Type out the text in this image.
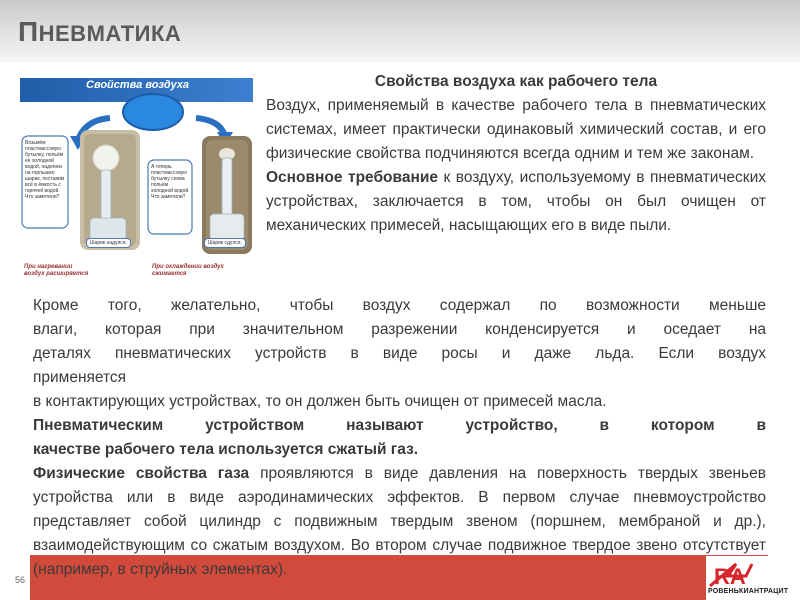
ПНЕВМАТИКА
Свойства воздуха
Возьмём пластмассовую бутылку, польём её холодной водой, наденем на горлышко шарик, поставим всё в ёмкость с горячей водой. Что заметили?
А теперь пластмассовую бутылку снова польём холодной водой. Что заметили?
Шарик надулся.	Шарик сдулся.
При нагревании воздух расширяется
При охлаждении воздух сжимается
Свойства воздуха как рабочего тела
Воздух, применяемый в качестве рабочего тела в пневматических системах, имеет практически одинаковый химический состав, и его физические свойства подчиняются всегда одним и тем же законам.
Основное требование к воздуху, используемому в пневматических устройствах, заключается в том, чтобы он был очищен от механических примесей, насыщающих его в виде пыли.
Кроме того, желательно, чтобы воздух содержал по возможности меньше
влаги, которая при значительном разрежении конденсируется и оседает на
деталях пневматических устройств в виде росы и даже льда. Если воздух
применяется
в контактирующих устройствах, то он должен быть очищен от примесей масла.
Пневматическим устройством называют устройство, в котором в
качестве рабочего тела используется сжатый газ.
Физические свойства газа проявляются в виде давления на поверхность твердых звеньев устройства или в виде аэродинамических эффектов. В первом случае пневмоустройство представляет собой цилиндр с подвижным твердым звеном (поршнем, мембраной и др.), взаимодействующим со сжатым воздухом. Во втором случае подвижное твердое звено отсутствует (например, в струйных элементах).
56	RA
РОВЕНЬКИАНТРАЦИТ
